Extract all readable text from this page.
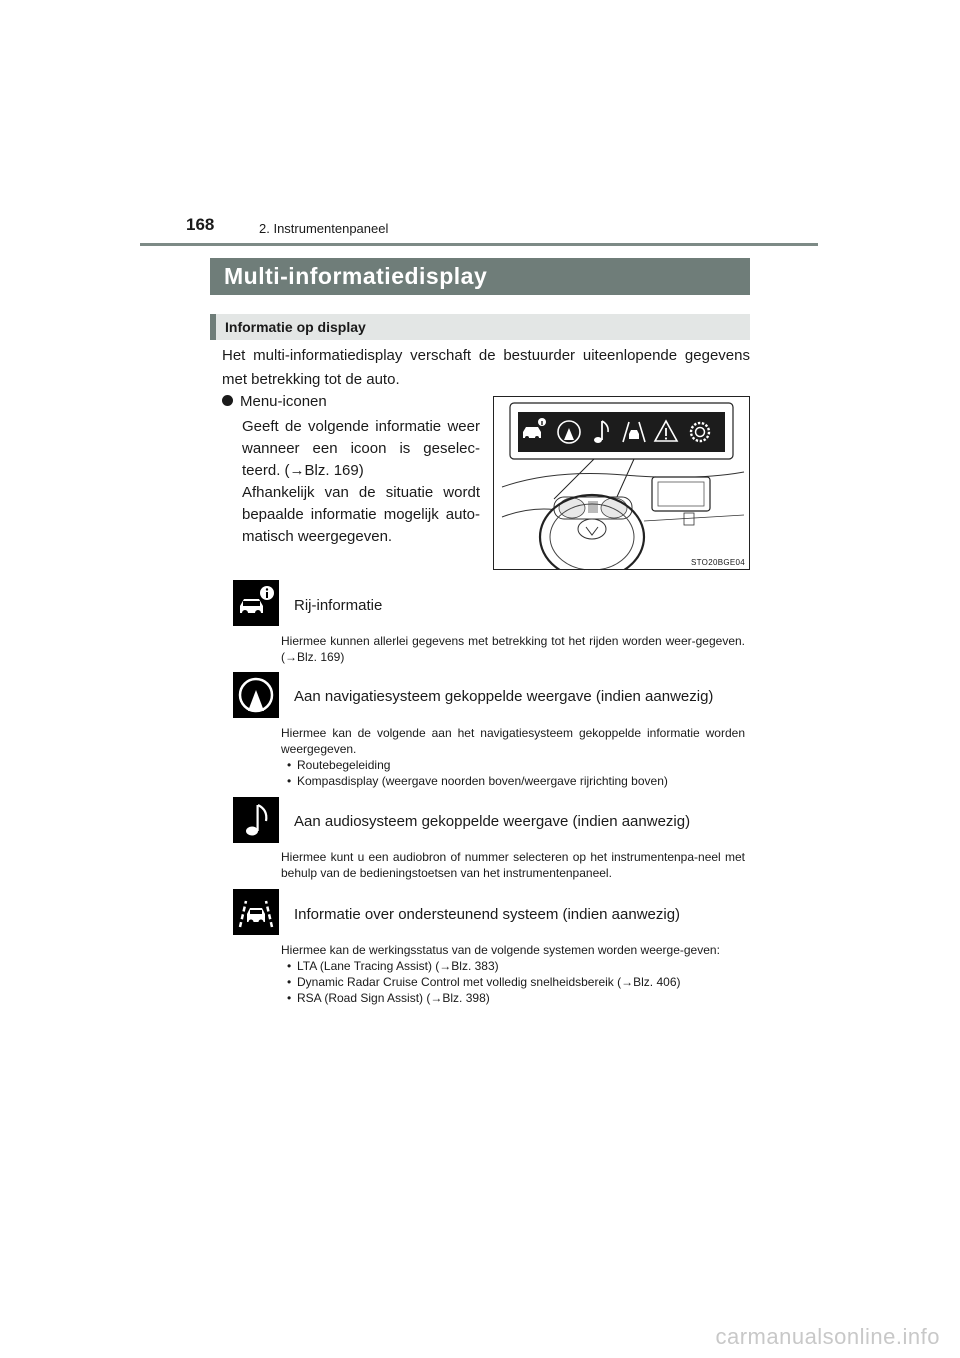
168	2. Instrumentenpaneel
Multi-informatiedisplay
Informatie op display
Het multi-informatiedisplay verschaft de bestuurder uiteenlopende gegevens met betrekking tot de auto.
Menu-iconen

Geeft de volgende informatie weer wanneer een icoon is geselec-teerd. (→Blz. 169)

Afhankelijk van de situatie wordt bepaalde informatie mogelijk auto-matisch weergegeven.

STO20BGE04
Rij-informatie

Hiermee kunnen allerlei gegevens met betrekking tot het rijden worden weer-gegeven. (→Blz. 169)

Aan navigatiesysteem gekoppelde weergave (indien aanwezig)

Hiermee kan de volgende aan het navigatiesysteem gekoppelde informatie worden weergegeven.

• Routebegeleiding
• Kompasdisplay (weergave noorden boven/weergave rijrichting boven)
Aan audiosysteem gekoppelde weergave (indien aanwezig)

Hiermee kunt u een audiobron of nummer selecteren op het instrumentenpa-neel met behulp van de bedieningstoetsen van het instrumentenpaneel.

Informatie over ondersteunend systeem (indien aanwezig)

Hiermee kan de werkingsstatus van de volgende systemen worden weerge-geven:

• LTA (Lane Tracing Assist) (→Blz. 383)
• Dynamic Radar Cruise Control met volledig snelheidsbereik (→Blz. 406)
• RSA (Road Sign Assist) (→Blz. 398)
carmanualsonline.info
